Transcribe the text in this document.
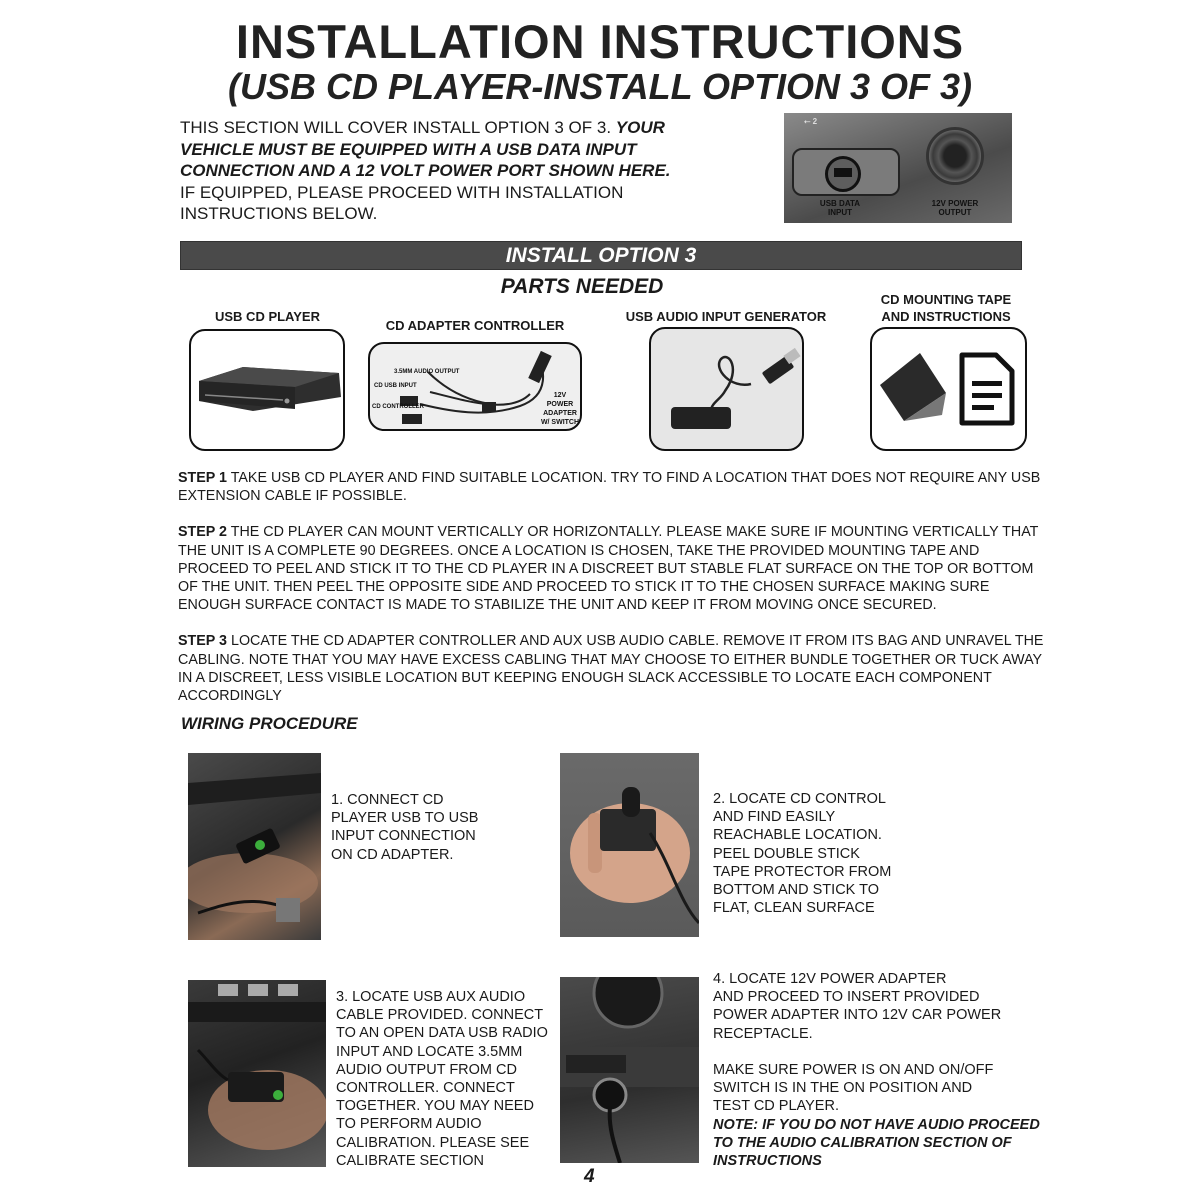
INSTALLATION INSTRUCTIONS
(USB CD PLAYER-INSTALL OPTION 3 OF 3)
THIS SECTION WILL COVER INSTALL OPTION 3 OF 3. YOUR
VEHICLE MUST BE EQUIPPED WITH A USB DATA INPUT
CONNECTION AND A 12 VOLT POWER PORT SHOWN HERE.
IF EQUIPPED, PLEASE PROCEED WITH INSTALLATION
INSTRUCTIONS BELOW.
⭠ 2
USB DATA
INPUT
12V POWER
OUTPUT
INSTALL OPTION 3
PARTS NEEDED
USB CD PLAYER
CD ADAPTER CONTROLLER
USB AUDIO INPUT GENERATOR
CD MOUNTING TAPE
AND INSTRUCTIONS
3.5MM AUDIO OUTPUT
CD USB INPUT
CD CONTROLLER
12V POWER
ADAPTER
W/ SWITCH

STEP 1 TAKE USB CD PLAYER AND FIND SUITABLE LOCATION. TRY TO FIND A LOCATION THAT DOES NOT REQUIRE ANY USB EXTENSION CABLE IF POSSIBLE.

STEP 2 THE CD PLAYER CAN MOUNT VERTICALLY OR HORIZONTALLY. PLEASE MAKE SURE IF MOUNTING VERTICALLY THAT THE UNIT IS A COMPLETE 90 DEGREES. ONCE A LOCATION IS CHOSEN, TAKE THE PROVIDED MOUNTING TAPE AND PROCEED TO PEEL AND STICK IT TO THE CD PLAYER IN A DISCREET BUT STABLE FLAT SURFACE ON THE TOP OR BOTTOM OF THE UNIT. THEN PEEL THE OPPOSITE SIDE AND PROCEED TO STICK IT TO THE CHOSEN SURFACE MAKING SURE ENOUGH SURFACE CONTACT IS MADE TO STABILIZE THE UNIT AND KEEP IT FROM MOVING ONCE SECURED.

STEP 3 LOCATE THE CD ADAPTER CONTROLLER AND AUX USB AUDIO CABLE. REMOVE IT FROM ITS BAG AND UNRAVEL THE CABLING. NOTE THAT YOU MAY HAVE EXCESS CABLING THAT MAY CHOOSE TO EITHER BUNDLE TOGETHER OR TUCK AWAY IN A DISCREET, LESS VISIBLE LOCATION BUT KEEPING ENOUGH SLACK ACCESSIBLE TO LOCATE EACH COMPONENT ACCORDINGLY

WIRING PROCEDURE
1. CONNECT CD
PLAYER USB TO USB
INPUT CONNECTION
ON CD ADAPTER.
2. LOCATE CD CONTROL
AND FIND EASILY
REACHABLE LOCATION.
PEEL DOUBLE STICK
TAPE PROTECTOR FROM
BOTTOM AND STICK TO
FLAT, CLEAN SURFACE
3. LOCATE USB AUX AUDIO
CABLE PROVIDED. CONNECT
TO AN OPEN DATA USB RADIO
INPUT AND LOCATE 3.5MM
AUDIO OUTPUT FROM CD
CONTROLLER. CONNECT
TOGETHER. YOU MAY NEED
TO PERFORM AUDIO
CALIBRATION. PLEASE SEE
CALIBRATE SECTION
4. LOCATE 12V POWER ADAPTER
AND PROCEED TO INSERT PROVIDED
POWER ADAPTER INTO 12V CAR POWER
RECEPTACLE.
MAKE SURE POWER IS ON AND ON/OFF
SWITCH IS IN THE ON POSITION AND
TEST CD PLAYER.
NOTE: IF YOU DO NOT HAVE AUDIO PROCEED
TO THE AUDIO CALIBRATION SECTION OF
INSTRUCTIONS
4
